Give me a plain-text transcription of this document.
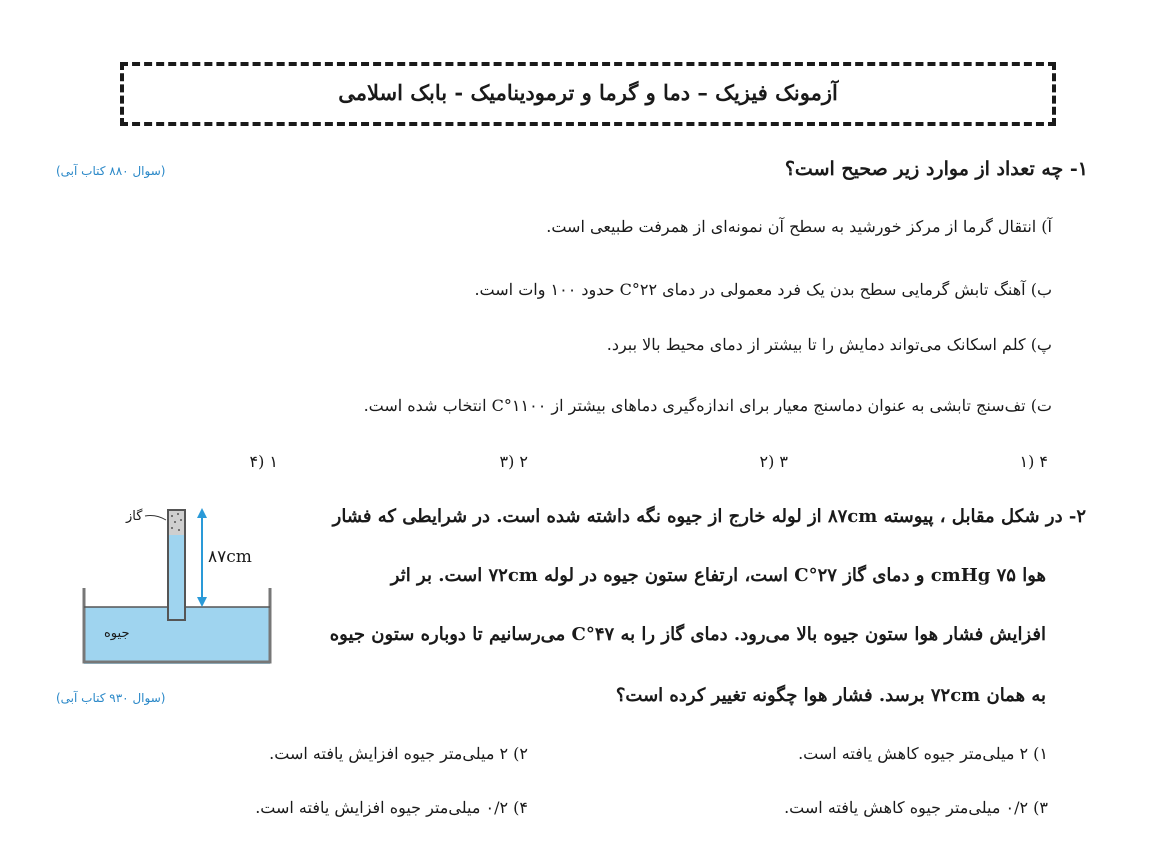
آزمونک فیزیک – دما و گرما و ترمودینامیک - بابک اسلامی
۱- چه تعداد از موارد زیر صحیح است؟
(سوال ۸۸۰ کتاب آبی)
آ) انتقال گرما از مرکز خورشید به سطح آن نمونه‌ای از همرفت طبیعی است.
ب) آهنگ تابش گرمایی سطح بدن یک فرد معمولی در دمای ۲۲°C حدود ۱۰۰ وات است.
پ) کلم اسکانک می‌تواند دمایش را تا بیشتر از دمای محیط بالا ببرد.
ت) تف‌سنج تابشی به عنوان دماسنج معیار برای اندازه‌گیری دماهای بیشتر از ۱۱۰۰°C انتخاب شده است.
۱) ۴
۲) ۳
۳) ۲
۴) ۱
گاز
۸۷cm
جیوه
۲- در شکل مقابل ، پیوسته ۸۷cm از لوله خارج از جیوه نگه داشته شده است. در شرایطی که فشار
هوا ۷۵ cmHg و دمای گاز ۲۷°C است، ارتفاع ستون جیوه در لوله ۷۲cm است. بر اثر
افزایش فشار هوا ستون جیوه بالا می‌رود. دمای گاز را به ۴۷°C می‌رسانیم تا دوباره ستون جیوه
به همان ۷۲cm برسد. فشار هوا چگونه تغییر کرده است؟
(سوال ۹۳۰ کتاب آبی)
۱) ۲ میلی‌متر جیوه کاهش یافته است.
۲) ۲ میلی‌متر جیوه افزایش یافته است.
۳) ۰/۲ میلی‌متر جیوه کاهش یافته است.
۴) ۰/۲ میلی‌متر جیوه افزایش یافته است.
